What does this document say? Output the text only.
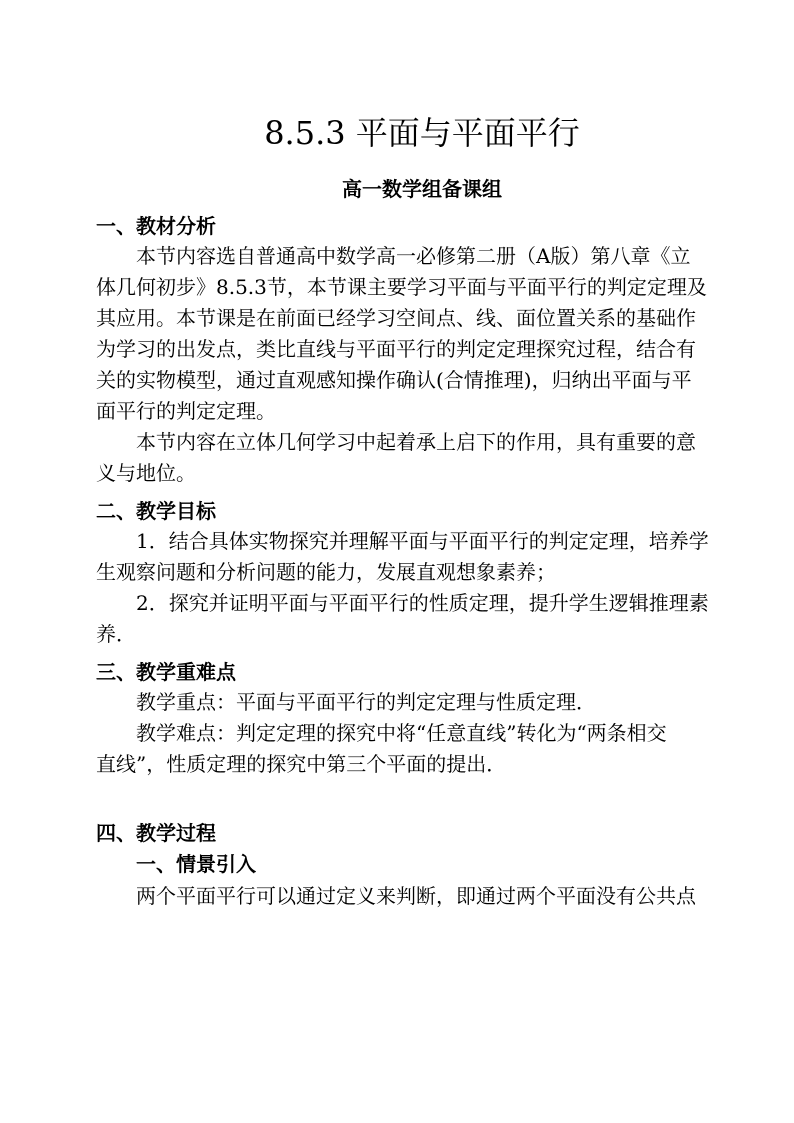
8.5.3 平面与平面平行
高一数学组备课组
一、教材分析
本节内容选自普通高中数学高一必修第二册（A版）第八章《立
体几何初步》8.5.3节，本节课主要学习平面与平面平行的判定定理及
其应用。本节课是在前面已经学习空间点、线、面位置关系的基础作
为学习的出发点，类比直线与平面平行的判定定理探究过程，结合有
关的实物模型，通过直观感知操作确认(合情推理)，归纳出平面与平
面平行的判定定理。
本节内容在立体几何学习中起着承上启下的作用，具有重要的意
义与地位。
二、教学目标
1．结合具体实物探究并理解平面与平面平行的判定定理，培养学
生观察问题和分析问题的能力，发展直观想象素养；
2．探究并证明平面与平面平行的性质定理，提升学生逻辑推理素
养．
三、教学重难点
教学重点：平面与平面平行的判定定理与性质定理．
教学难点：判定定理的探究中将“任意直线”转化为“两条相交
直线”，性质定理的探究中第三个平面的提出．
四、教学过程
一、情景引入
两个平面平行可以通过定义来判断，即通过两个平面没有公共点
